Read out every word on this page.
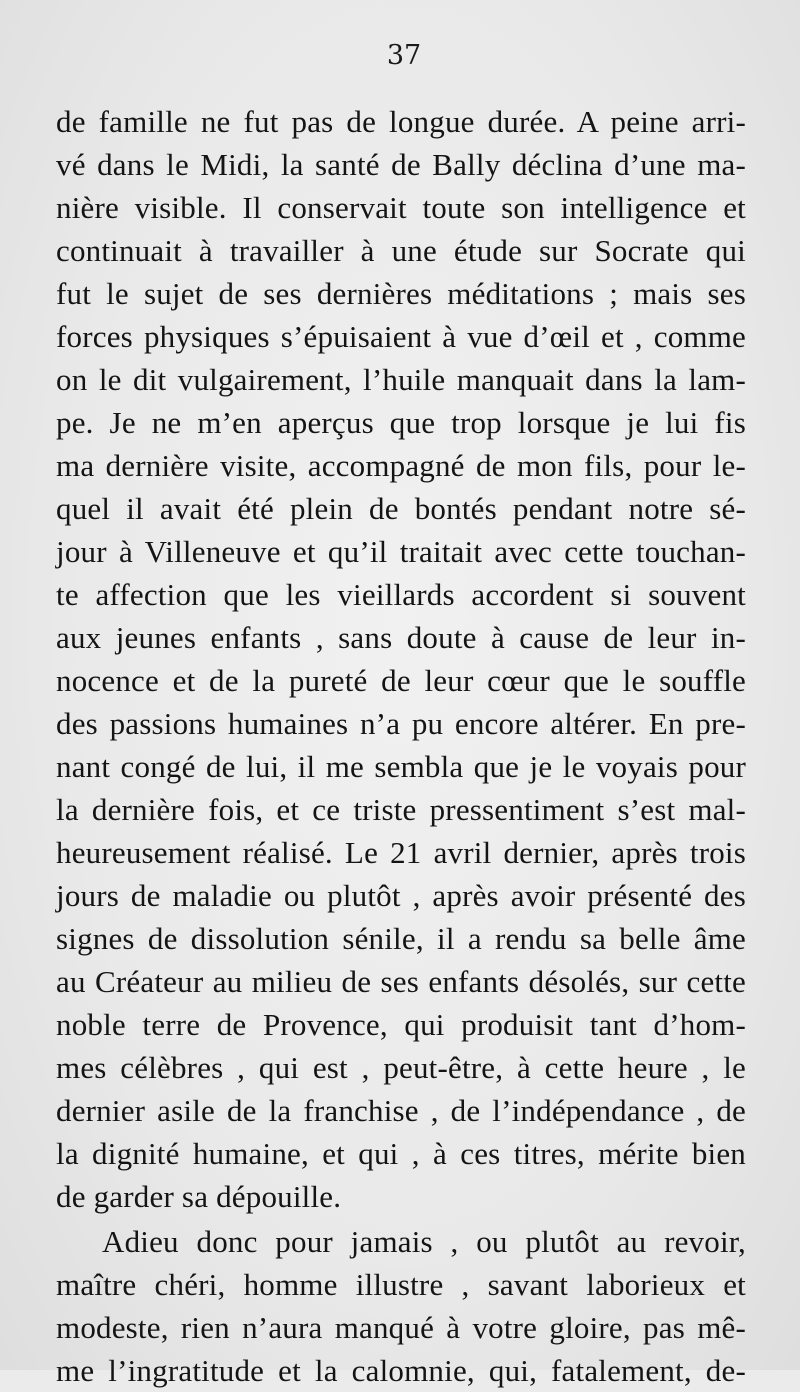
37
de famille ne fut pas de longue durée. A peine arri-
vé dans le Midi, la santé de Bally déclina d’une ma-
nière visible. Il conservait toute son intelligence et
continuait à travailler à une étude sur Socrate qui
fut le sujet de ses dernières méditations ; mais ses
forces physiques s’épuisaient à vue d’œil et , comme
on le dit vulgairement, l’huile manquait dans la lam-
pe. Je ne m’en aperçus que trop lorsque je lui fis
ma dernière visite, accompagné de mon fils, pour le-
quel il avait été plein de bontés pendant notre sé-
jour à Villeneuve et qu’il traitait avec cette touchan-
te affection que les vieillards accordent si souvent
aux jeunes enfants , sans doute à cause de leur in-
nocence et de la pureté de leur cœur que le souffle
des passions humaines n’a pu encore altérer. En pre-
nant congé de lui, il me sembla que je le voyais pour
la dernière fois, et ce triste pressentiment s’est mal-
heureusement réalisé. Le 21 avril dernier, après trois
jours de maladie ou plutôt , après avoir présenté des
signes de dissolution sénile, il a rendu sa belle âme
au Créateur au milieu de ses enfants désolés, sur cette
noble terre de Provence, qui produisit tant d’hom-
mes célèbres , qui est , peut-être, à cette heure , le
dernier asile de la franchise , de l’indépendance , de
la dignité humaine, et qui , à ces titres, mérite bien
de garder sa dépouille.
Adieu donc pour jamais , ou plutôt au revoir,
maître chéri, homme illustre , savant laborieux et
modeste, rien n’aura manqué à votre gloire, pas mê-
me l’ingratitude et la calomnie, qui, fatalement, de-
